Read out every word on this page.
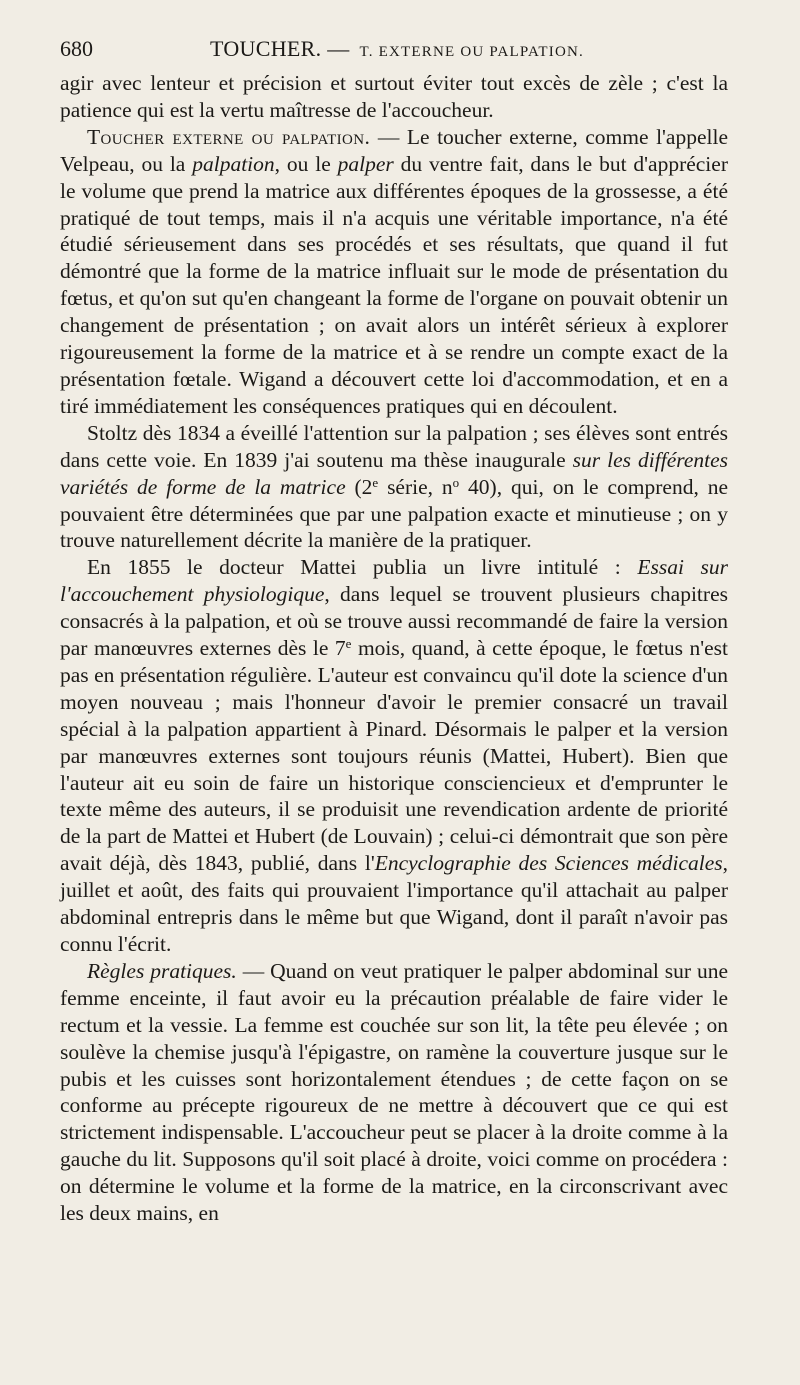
680	TOUCHER. — T. EXTERNE OU PALPATION.

agir avec lenteur et précision et surtout éviter tout excès de zèle ; c'est la patience qui est la vertu maîtresse de l'accoucheur.

Toucher externe ou palpation. — Le toucher externe, comme l'appelle Velpeau, ou la palpation, ou le palper du ventre fait, dans le but d'apprécier le volume que prend la matrice aux différentes époques de la grossesse, a été pratiqué de tout temps, mais il n'a acquis une véritable importance, n'a été étudié sérieusement dans ses procédés et ses résultats, que quand il fut démontré que la forme de la matrice influait sur le mode de présentation du fœtus, et qu'on sut qu'en changeant la forme de l'organe on pouvait obtenir un changement de présentation ; on avait alors un intérêt sérieux à explorer rigoureusement la forme de la matrice et à se rendre un compte exact de la présentation fœtale. Wigand a découvert cette loi d'accommodation, et en a tiré immédiatement les conséquences pratiques qui en découlent.

Stoltz dès 1834 a éveillé l'attention sur la palpation ; ses élèves sont entrés dans cette voie. En 1839 j'ai soutenu ma thèse inaugurale sur les différentes variétés de forme de la matrice (2e série, $n^o$ 40), qui, on le comprend, ne pouvaient être déterminées que par une palpation exacte et minutieuse ; on y trouve naturellement décrite la manière de la pratiquer.

En 1855 le docteur Mattei publia un livre intitulé : Essai sur l'accouchement physiologique, dans lequel se trouvent plusieurs chapitres consacrés à la palpation, et où se trouve aussi recommandé de faire la version par manœuvres externes dès le 7e mois, quand, à cette époque, le fœtus n'est pas en présentation régulière. L'auteur est convaincu qu'il dote la science d'un moyen nouveau ; mais l'honneur d'avoir le premier consacré un travail spécial à la palpation appartient à Pinard. Désormais le palper et la version par manœuvres externes sont toujours réunis (Mattei, Hubert). Bien que l'auteur ait eu soin de faire un historique consciencieux et d'emprunter le texte même des auteurs, il se produisit une revendication ardente de priorité de la part de Mattei et Hubert (de Louvain) ; celui-ci démontrait que son père avait déjà, dès 1843, publié, dans l'Encyclographie des Sciences médicales, juillet et août, des faits qui prouvaient l'importance qu'il attachait au palper abdominal entrepris dans le même but que Wigand, dont il paraît n'avoir pas connu l'écrit.

Règles pratiques. — Quand on veut pratiquer le palper abdominal sur une femme enceinte, il faut avoir eu la précaution préalable de faire vider le rectum et la vessie. La femme est couchée sur son lit, la tête peu élevée ; on soulève la chemise jusqu'à l'épigastre, on ramène la couverture jusque sur le pubis et les cuisses sont horizontalement étendues ; de cette façon on se conforme au précepte rigoureux de ne mettre à découvert que ce qui est strictement indispensable. L'accoucheur peut se placer à la droite comme à la gauche du lit. Supposons qu'il soit placé à droite, voici comme on procédera : on détermine le volume et la forme de la matrice, en la circonscrivant avec les deux mains, en
